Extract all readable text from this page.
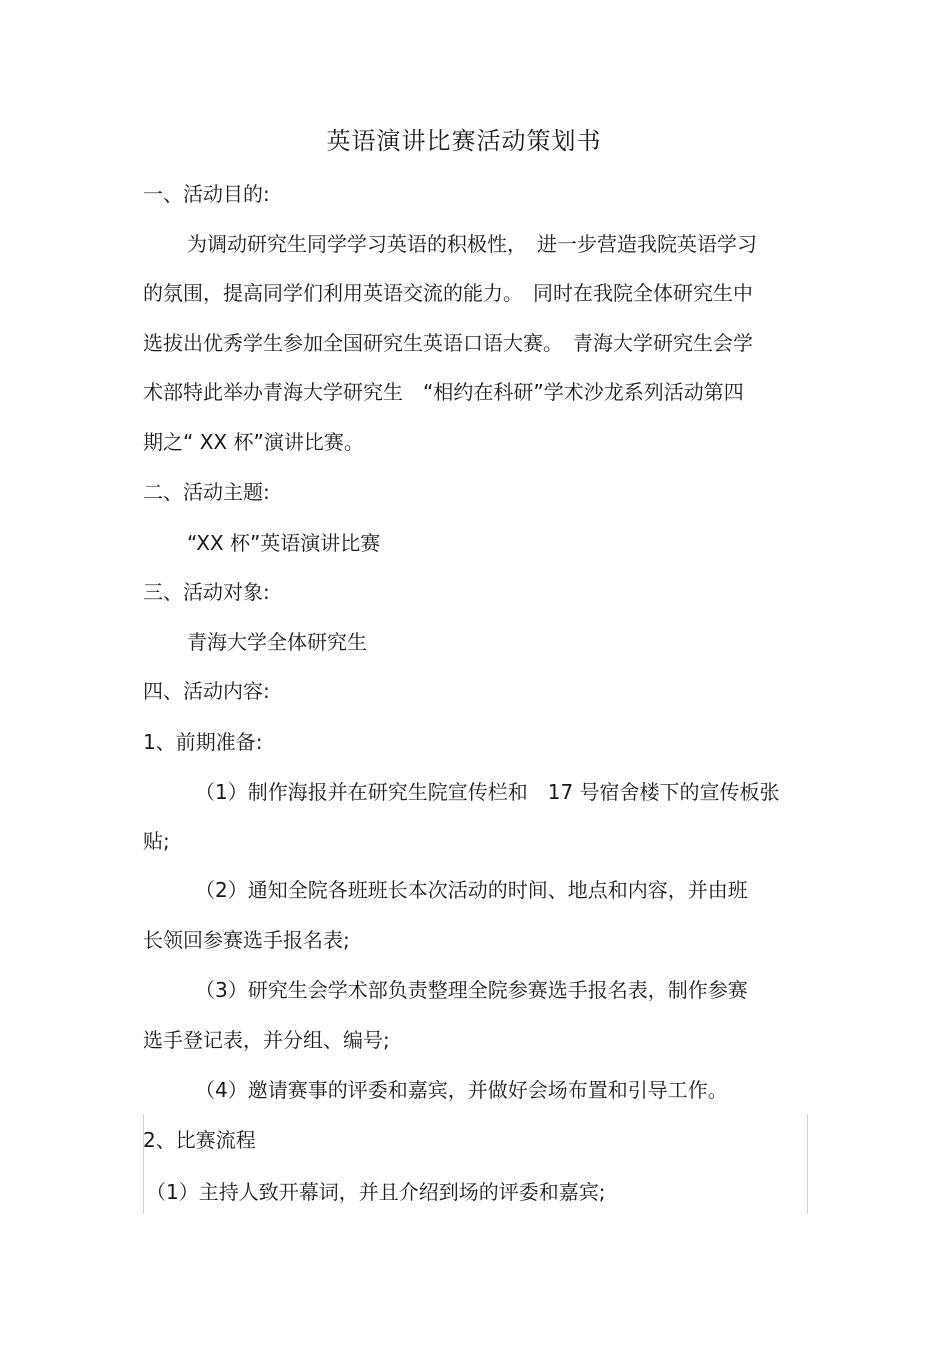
英语演讲比赛活动策划书
一、活动目的:
为调动研究生同学学习英语的积极性，　进一步营造我院英语学习
的氛围，提高同学们利用英语交流的能力。　同时在我院全体研究生中
选拔出优秀学生参加全国研究生英语口语大赛。　青海大学研究生会学
术部特此举办青海大学研究生　“相约在科研”学术沙龙系列活动第四
期之“ XX 杯”演讲比赛。
二、活动主题:
“XX 杯”英语演讲比赛
三、活动对象:
青海大学全体研究生
四、活动内容:
1、前期准备:
（1）制作海报并在研究生院宣传栏和　17 号宿舍楼下的宣传板张
贴;
（2）通知全院各班班长本次活动的时间、地点和内容，并由班
长领回参赛选手报名表;
（3）研究生会学术部负责整理全院参赛选手报名表，制作参赛
选手登记表，并分组、编号;
（4）邀请赛事的评委和嘉宾，并做好会场布置和引导工作。
2、比赛流程
（1）主持人致开幕词，并且介绍到场的评委和嘉宾;
